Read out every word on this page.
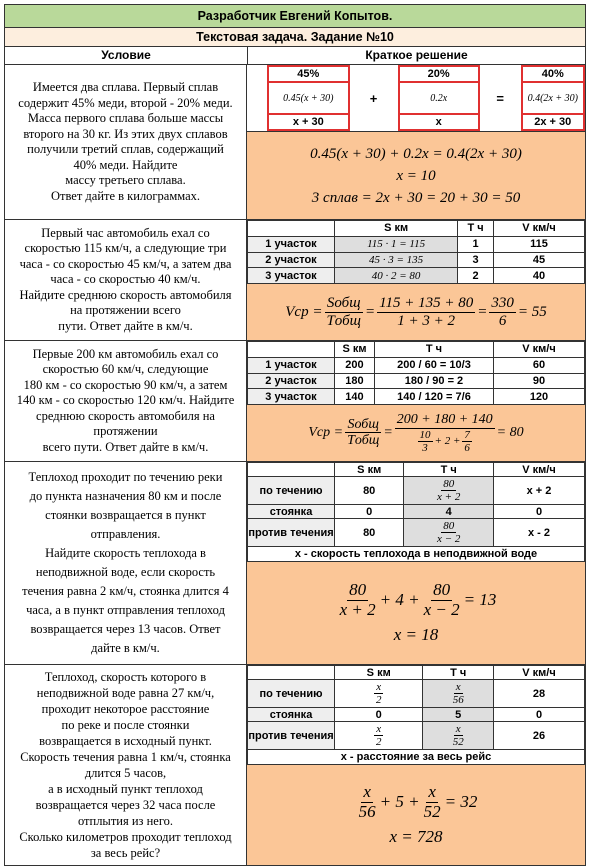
Разработчик Евгений Копытов.
Текстовая задача. Задание №10
Условие	Краткое решение
Имеется два сплава. Первый сплав
содержит 45% меди, второй - 20% меди.
Масса первого сплава больше массы
второго на 30 кг. Из этих двух сплавов
получили третий сплав, содержащий
40% меди. Найдите
массу третьего сплава.
Ответ дайте в килограммах.
	45%		20%		40%
	0.45(x + 30)	+	0.2x	=	0.4(2x + 30)
	x + 30		x		2x + 30
0.45(x + 30) + 0.2x = 0.4(2x + 30)
x = 10
3 сплав = 2x + 30 = 20 + 30 = 50
Первый час автомобиль ехал со
скоростью 115 км/ч, а следующие три
часа - со скоростью 45 км/ч, а затем два
часа - со скоростью 40 км/ч.
Найдите среднюю скорость автомобиля
на протяжении всего
пути. Ответ дайте в км/ч.
	S км	T ч	V км/ч
1 участок	115 · 1 = 115	1	115
2 участок	45 · 3 = 135	3	45
3 участок	40 · 2 = 80	2	40
Vср = $\frac{\text{Sобщ}}{\text{Tобщ}} = \frac{115 + 135 + 80}{1 + 3 + 2} = \frac{330}{6} = 55$
Первые 200 км автомобиль ехал со
скоростью 60 км/ч, следующие
180 км - со скоростью 90 км/ч, а затем
140 км - со скоростью 120 км/ч. Найдите
среднюю скорость автомобиля на
протяжении
всего пути. Ответ дайте в км/ч.
	S км	T ч	V км/ч
1 участок	200	200 / 60 = 10/3	60
2 участок	180	180 / 90 = 2	90
3 участок	140	140 / 120 = 7/6	120
Vср = $\frac{\text{Sобщ}}{\text{Tобщ}} = \frac{200 + 180 + 140}{\frac{10}{3} + 2 + \frac{7}{6}} = 80$
Теплоход проходит по течению реки
до пункта назначения 80 км и после
стоянки возвращается в пункт
отправления.
Найдите скорость теплохода в
неподвижной воде, если скорость
течения равна 2 км/ч, стоянка длится 4
часа, а в пункт отправления теплоход
возвращается через 13 часов. Ответ
дайте в км/ч.
	S км	T ч	V км/ч
по течению	80	$\frac{80}{x + 2}$	x + 2
стоянка	0	4	0
против течения	80	$\frac{80}{x - 2}$	x - 2
x - скорость теплохода в неподвижной воде			
$\frac{80}{x + 2} + 4 + \frac{80}{x - 2} = 13$
x = 18
Теплоход, скорость которого в
неподвижной воде равна 27 км/ч,
проходит некоторое расстояние
по реке и после стоянки
возвращается в исходный пункт.
Скорость течения равна 1 км/ч, стоянка
длится 5 часов,
а в исходный пункт теплоход
возвращается через 32 часа после
отплытия из него.
Сколько километров проходит теплоход
за весь рейс?
	S км	T ч	V км/ч
по течению	$\frac{x}{2}$	$\frac{x}{56}$	28
стоянка	0	5	0
против течения	$\frac{x}{2}$	$\frac{x}{52}$	26
x - расстояние за весь рейс			
$\frac{x}{56} + 5 + \frac{x}{52} = 32$
x = 728
